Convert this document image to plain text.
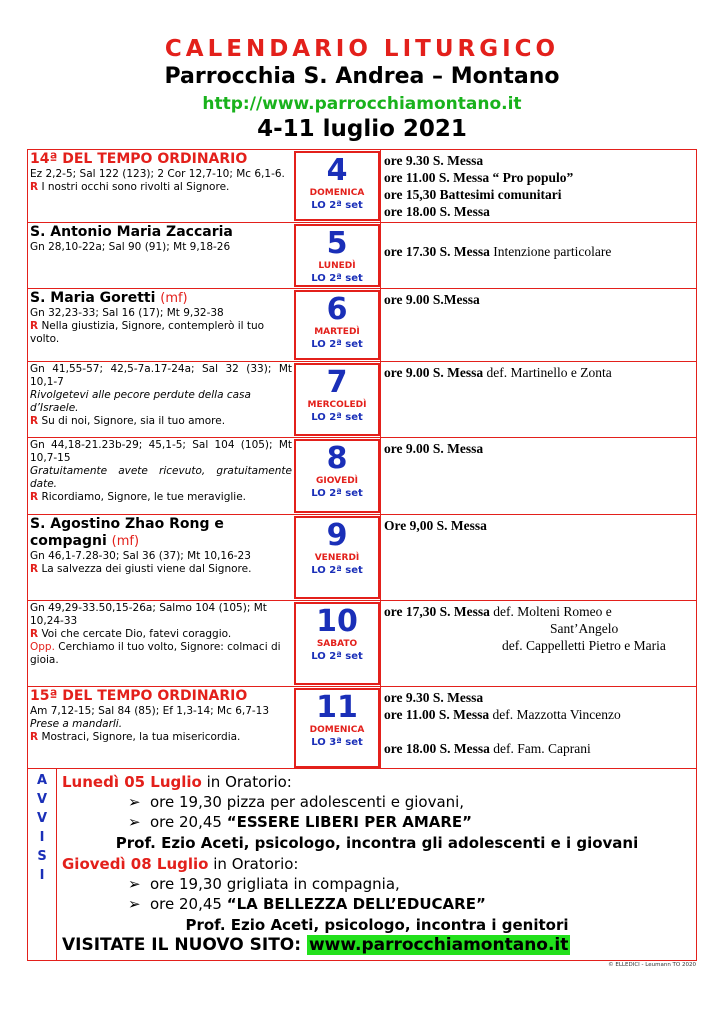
CALENDARIO LITURGICO
Parrocchia S. Andrea – Montano
http://www.parrocchiamontano.it
4-11 luglio 2021
14ª DEL TEMPO ORDINARIO
Ez 2,2-5; Sal 122 (123); 2 Cor 12,7-10; Mc 6,1-6.
R I nostri occhi sono rivolti al Signore.	4
DOMENICA
LO 2ª set
ore 9.30 S. Messa
ore 11.00 S. Messa “ Pro populo”
ore 15,30 Battesimi comunitari
ore 18.00 S. Messa
S. Antonio Maria Zaccaria
Gn 28,10-22a; Sal 90 (91); Mt 9,18-26	5
LUNEDÌ
LO 2ª set
ore 17.30 S. Messa Intenzione particolare
S. Maria Goretti (mf)
Gn 32,23-33; Sal 16 (17); Mt 9,32-38
R Nella giustizia, Signore, contemplerò il tuo volto.
6
MARTEDÌ
LO 2ª set
ore 9.00 S.Messa
Gn 41,55-57; 42,5-7a.17-24a; Sal 32 (33); Mt 10,1-7
Rivolgetevi alle pecore perdute della casa d’Israele.
R Su di noi, Signore, sia il tuo amore.
7
MERCOLEDÌ
LO 2ª set
ore 9.00 S. Messa def. Martinello e Zonta
Gn 44,18-21.23b-29; 45,1-5; Sal 104 (105); Mt 10,7-15
Gratuitamente avete ricevuto, gratuitamente date.
R Ricordiamo, Signore, le tue meraviglie.
8
GIOVEDÌ
LO 2ª set
ore 9.00 S. Messa
S. Agostino Zhao Rong e compagni (mf)
Gn 46,1-7.28-30; Sal 36 (37); Mt 10,16-23
R La salvezza dei giusti viene dal Signore.
9
VENERDÌ
LO 2ª set
Ore 9,00 S. Messa
Gn 49,29-33.50,15-26a; Salmo 104 (105); Mt 10,24-33
R Voi che cercate Dio, fatevi coraggio.
Opp. Cerchiamo il tuo volto, Signore: colmaci di gioia.
10
SABATO
LO 2ª set
ore 17,30 S. Messa def. Molteni Romeo e
Sant’Angelo
def. Cappelletti Pietro e Maria
15ª DEL TEMPO ORDINARIO
Am 7,12-15; Sal 84 (85); Ef 1,3-14; Mc 6,7-13
Prese a mandarli.
R Mostraci, Signore, la tua misericordia.
11
DOMENICA
LO 3ª set
ore 9.30 S. Messa
ore 11.00 S. Messa def. Mazzotta Vincenzo
ore 18.00 S. Messa def. Fam. Caprani
A
V
V
I
S
I
Lunedì 05 Luglio in Oratorio:
➢ ore 19,30 pizza per adolescenti e giovani,
➢ ore 20,45 “ESSERE LIBERI PER AMARE”
Prof. Ezio Aceti, psicologo, incontra gli adolescenti e i giovani
Giovedì 08 Luglio in Oratorio:
➢ ore 19,30 grigliata in compagnia,
➢ ore 20,45 “LA BELLEZZA DELL’EDUCARE”
Prof. Ezio Aceti, psicologo, incontra i genitori
VISITATE IL NUOVO SITO: www.parrocchiamontano.it
© ELLEDICI - Leumann TO 2020
